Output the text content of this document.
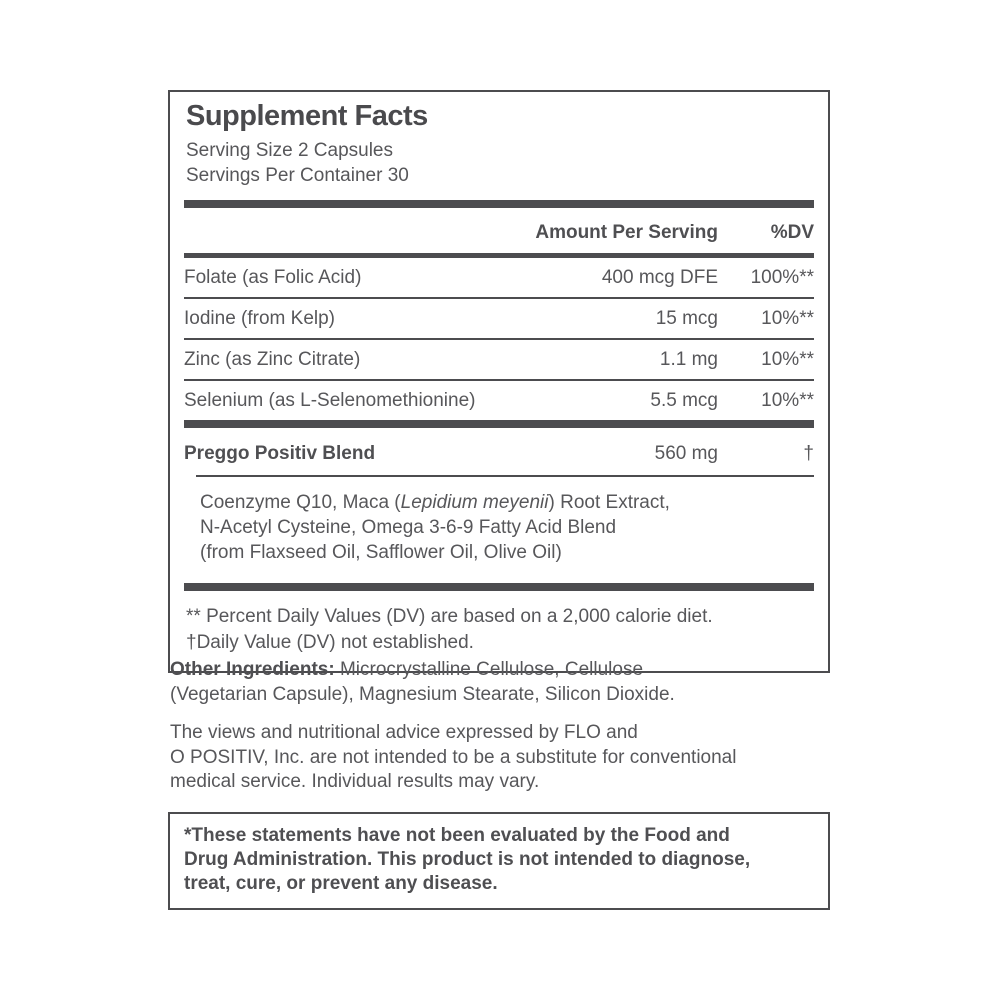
Supplement Facts
Serving Size 2 Capsules
Servings Per Container 30
Amount Per Serving	%DV
Folate (as Folic Acid)	400 mcg DFE	100%**
Iodine (from Kelp)	15 mcg	10%**
Zinc (as Zinc Citrate)	1.1 mg	10%**
Selenium (as L-Selenomethionine)	5.5 mcg	10%**
Preggo Positiv Blend	560 mg	†
Coenzyme Q10, Maca (Lepidium meyenii) Root Extract,
N-Acetyl Cysteine, Omega 3-6-9 Fatty Acid Blend
(from Flaxseed Oil, Safflower Oil, Olive Oil)
** Percent Daily Values (DV) are based on a 2,000 calorie diet.
†Daily Value (DV) not established.
Other Ingredients: Microcrystalline Cellulose, Cellulose
(Vegetarian Capsule), Magnesium Stearate, Silicon Dioxide.
The views and nutritional advice expressed by FLO and
O POSITIV, Inc. are not intended to be a substitute for conventional
medical service. Individual results may vary.
*These statements have not been evaluated by the Food and
Drug Administration. This product is not intended to diagnose,
treat, cure, or prevent any disease.
